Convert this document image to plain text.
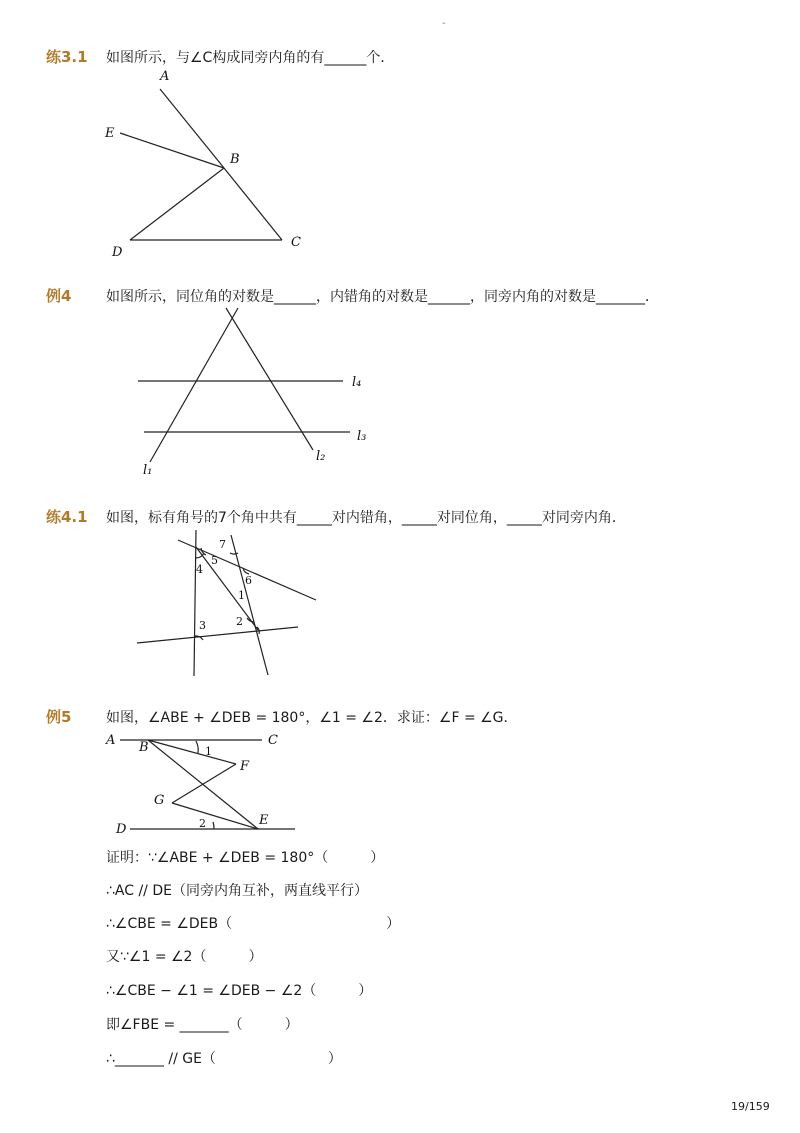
-
练3.1 如图所示，与∠C构成同旁内角的有______个．
A
E
B
D
C
例4 如图所示，同位角的对数是______，内错角的对数是______，同旁内角的对数是_______．
l₄
l₃
l₁
l₂
练4.1 如图，标有角号的7个角中共有_____对内错角，_____对同位角，_____对同旁内角．
1
2
3
4
5
6
7
例5 如图，∠ABE + ∠DEB = 180°，∠1 = ∠2．求证：∠F = ∠G．
A B	C
F
G
D
E
1
2
证明：∵∠ABE + ∠DEB = 180°（　　　）
∴AC // DE（同旁内角互补，两直线平行）
∴∠CBE = ∠DEB（　　　　　　　　　　　）
又∵∠1 = ∠2（　　　）
∴∠CBE − ∠1 = ∠DEB − ∠2（　　　）
即∠FBE = _______（　　　）
∴_______ // GE（　　　　　　　　）
19/159
